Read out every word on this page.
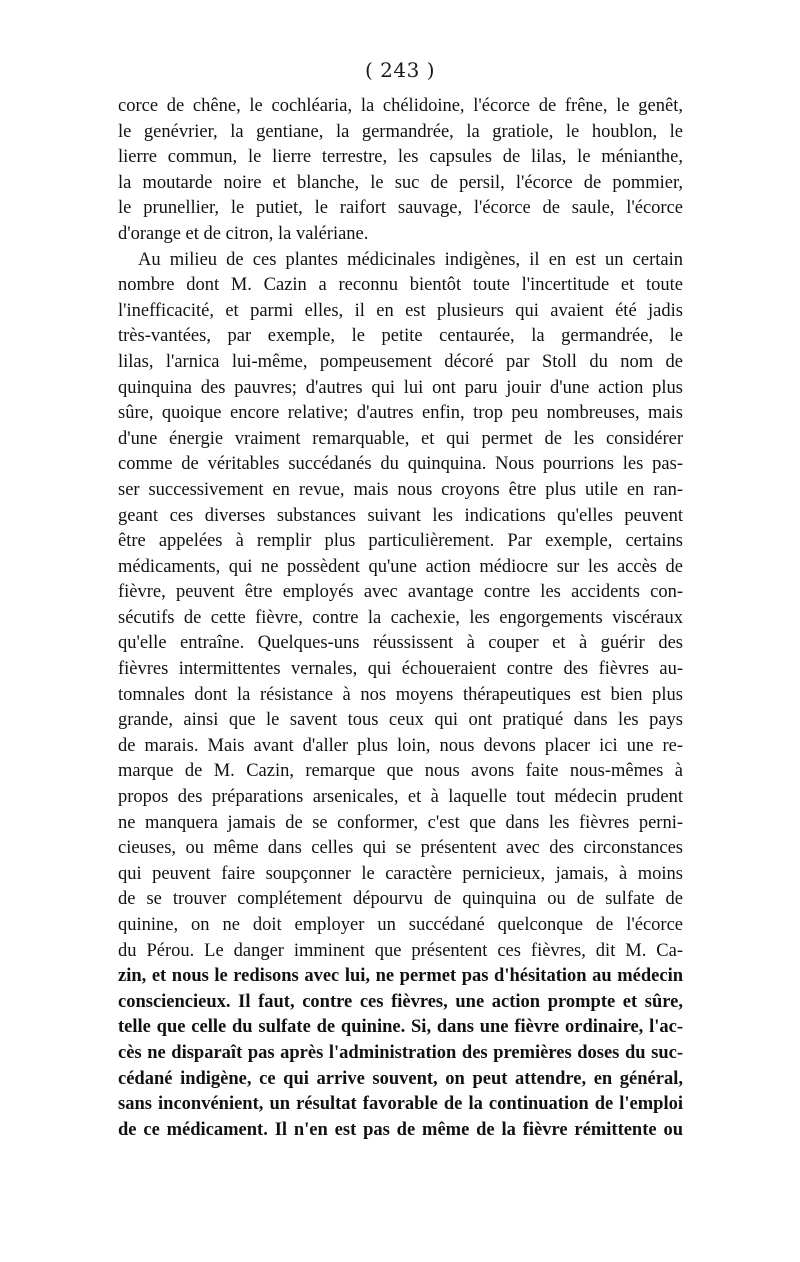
( 243 )
corce de chêne, le cochléaria, la chélidoine, l'écorce de frêne, le genêt,
le genévrier, la gentiane, la germandrée, la gratiole, le houblon, le
lierre commun, le lierre terrestre, les capsules de lilas, le ménianthe,
la moutarde noire et blanche, le suc de persil, l'écorce de pommier,
le prunellier, le putiet, le raifort sauvage, l'écorce de saule, l'écorce
d'orange et de citron, la valériane.
Au milieu de ces plantes médicinales indigènes, il en est un certain
nombre dont M. Cazin a reconnu bientôt toute l'incertitude et toute
l'inefficacité, et parmi elles, il en est plusieurs qui avaient été jadis
très-vantées, par exemple, le petite centaurée, la germandrée, le
lilas, l'arnica lui-même, pompeusement décoré par Stoll du nom de
quinquina des pauvres; d'autres qui lui ont paru jouir d'une action plus
sûre, quoique encore relative; d'autres enfin, trop peu nombreuses, mais
d'une énergie vraiment remarquable, et qui permet de les considérer
comme de véritables succédanés du quinquina. Nous pourrions les pas-
ser successivement en revue, mais nous croyons être plus utile en ran-
geant ces diverses substances suivant les indications qu'elles peuvent
être appelées à remplir plus particulièrement. Par exemple, certains
médicaments, qui ne possèdent qu'une action médiocre sur les accès de
fièvre, peuvent être employés avec avantage contre les accidents con-
sécutifs de cette fièvre, contre la cachexie, les engorgements viscéraux
qu'elle entraîne. Quelques-uns réussissent à couper et à guérir des
fièvres intermittentes vernales, qui échoueraient contre des fièvres au-
tomnales dont la résistance à nos moyens thérapeutiques est bien plus
grande, ainsi que le savent tous ceux qui ont pratiqué dans les pays
de marais. Mais avant d'aller plus loin, nous devons placer ici une re-
marque de M. Cazin, remarque que nous avons faite nous-mêmes à
propos des préparations arsenicales, et à laquelle tout médecin prudent
ne manquera jamais de se conformer, c'est que dans les fièvres perni-
cieuses, ou même dans celles qui se présentent avec des circonstances
qui peuvent faire soupçonner le caractère pernicieux, jamais, à moins
de se trouver complétement dépourvu de quinquina ou de sulfate de
quinine, on ne doit employer un succédané quelconque de l'écorce
du Pérou. Le danger imminent que présentent ces fièvres, dit M. Ca-
zin, et nous le redisons avec lui, ne permet pas d'hésitation au médecin
consciencieux. Il faut, contre ces fièvres, une action prompte et sûre,
telle que celle du sulfate de quinine. Si, dans une fièvre ordinaire, l'ac-
cès ne disparaît pas après l'administration des premières doses du suc-
cédané indigène, ce qui arrive souvent, on peut attendre, en général,
sans inconvénient, un résultat favorable de la continuation de l'emploi
de ce médicament. Il n'en est pas de même de la fièvre rémittente ou
